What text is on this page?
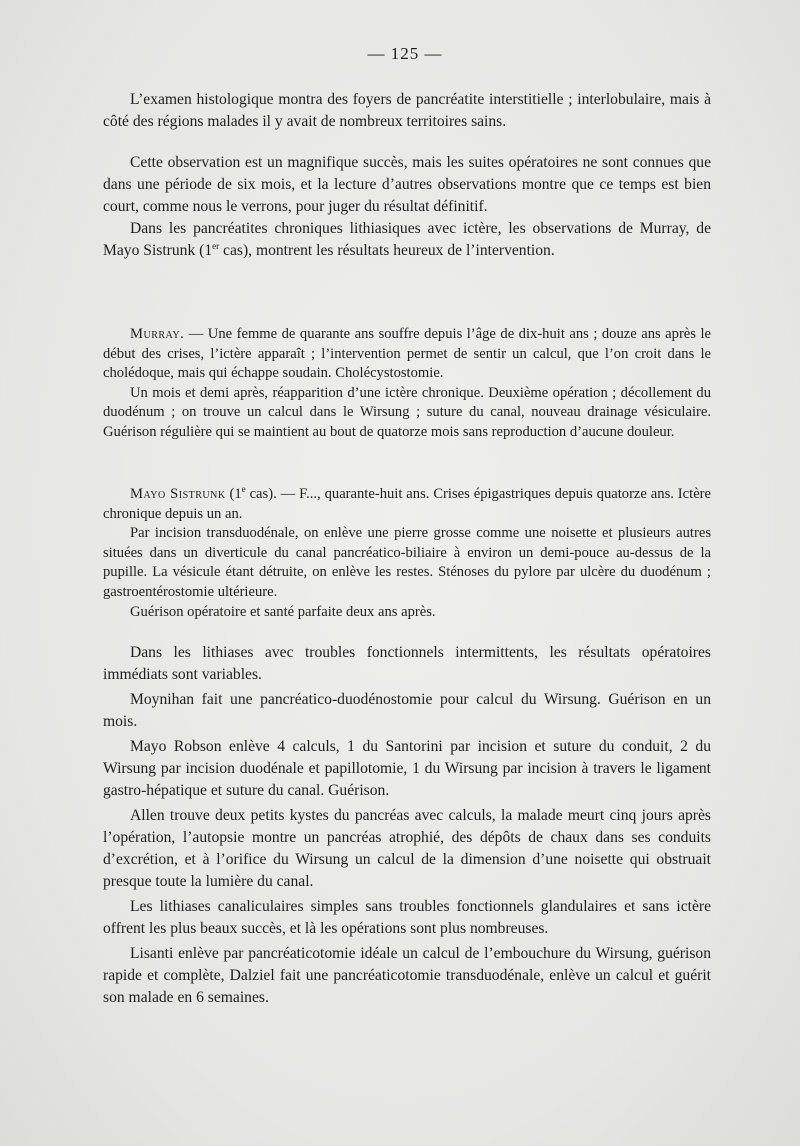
— 125 —

L’examen histologique montra des foyers de pancréatite interstitielle ; interlobulaire, mais à côté des régions malades il y avait de nombreux territoires sains.

Cette observation est un magnifique succès, mais les suites opératoires ne sont connues que dans une période de six mois, et la lecture d’autres observations montre que ce temps est bien court, comme nous le verrons, pour juger du résultat définitif.

Dans les pancréatites chroniques lithiasiques avec ictère, les observations de Murray, de Mayo Sistrunk (1er cas), montrent les résultats heureux de l’intervention.

Murray. — Une femme de quarante ans souffre depuis l’âge de dix-huit ans ; douze ans après le début des crises, l’ictère apparaît ; l’intervention permet de sentir un calcul, que l’on croit dans le cholédoque, mais qui échappe soudain. Cholécystostomie.

Un mois et demi après, réapparition d’une ictère chronique. Deuxième opération ; décollement du duodénum ; on trouve un calcul dans le Wirsung ; suture du canal, nouveau drainage vésiculaire. Guérison régulière qui se maintient au bout de quatorze mois sans reproduction d’aucune douleur.

Mayo Sistrunk (1e cas). — F..., quarante-huit ans. Crises épigastriques depuis quatorze ans. Ictère chronique depuis un an.

Par incision transduodénale, on enlève une pierre grosse comme une noisette et plusieurs autres situées dans un diverticule du canal pancréatico-biliaire à environ un demi-pouce au-dessus de la pupille. La vésicule étant détruite, on enlève les restes. Sténoses du pylore par ulcère du duodénum ; gastroentérostomie ultérieure.

Guérison opératoire et santé parfaite deux ans après.

Dans les lithiases avec troubles fonctionnels intermittents, les résultats opératoires immédiats sont variables.

Moynihan fait une pancréatico-duodénostomie pour calcul du Wirsung. Guérison en un mois.

Mayo Robson enlève 4 calculs, 1 du Santorini par incision et suture du conduit, 2 du Wirsung par incision duodénale et papillotomie, 1 du Wirsung par incision à travers le ligament gastro-hépatique et suture du canal. Guérison.

Allen trouve deux petits kystes du pancréas avec calculs, la malade meurt cinq jours après l’opération, l’autopsie montre un pancréas atrophié, des dépôts de chaux dans ses conduits d’excrétion, et à l’orifice du Wirsung un calcul de la dimension d’une noisette qui obstruait presque toute la lumière du canal.

Les lithiases canaliculaires simples sans troubles fonctionnels glandulaires et sans ictère offrent les plus beaux succès, et là les opérations sont plus nombreuses.

Lisanti enlève par pancréaticotomie idéale un calcul de l’embouchure du Wirsung, guérison rapide et complète, Dalziel fait une pancréaticotomie transduodénale, enlève un calcul et guérit son malade en 6 semaines.
